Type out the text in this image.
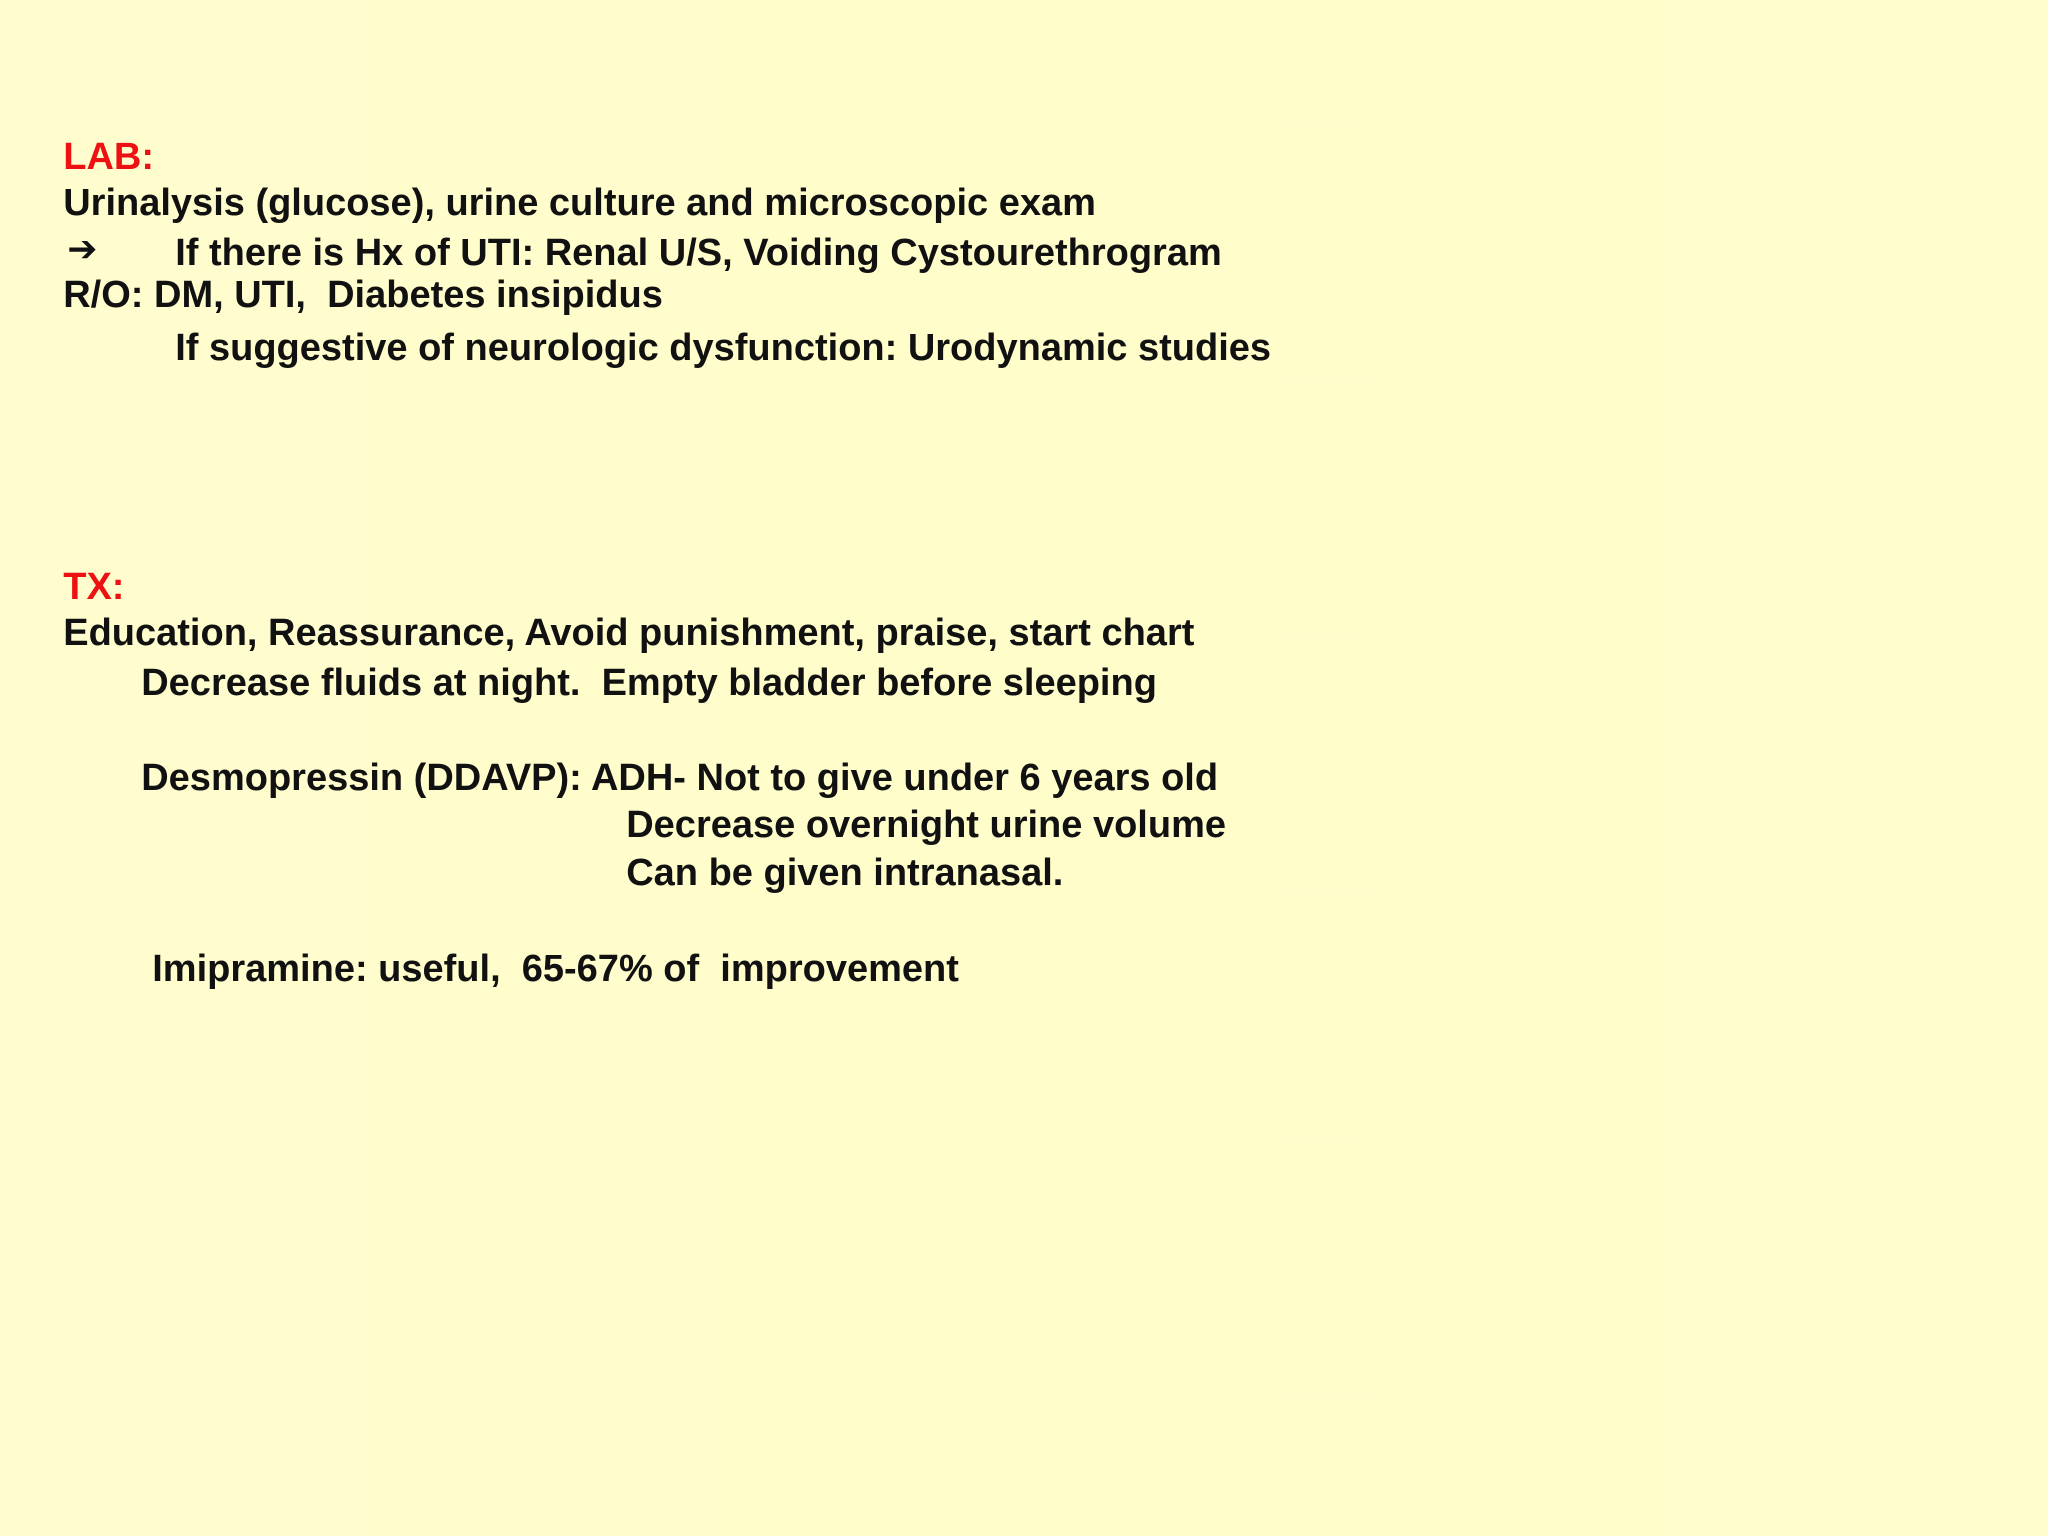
LAB:
Urinalysis (glucose), urine culture and microscopic exam
➔
R/O: DM, UTI,  Diabetes insipidus

If there is Hx of UTI: Renal U/S, Voiding Cystourethrogram

If suggestive of neurologic dysfunction: Urodynamic studies

TX:
Education, Reassurance, Avoid punishment, praise, start chart

Decrease fluids at night.  Empty bladder before sleeping

Desmopressin (DDAVP): ADH- Not to give under 6 years old

Decrease overnight urine volume

Can be given intranasal.

Imipramine: useful,  65-67% of  improvement
